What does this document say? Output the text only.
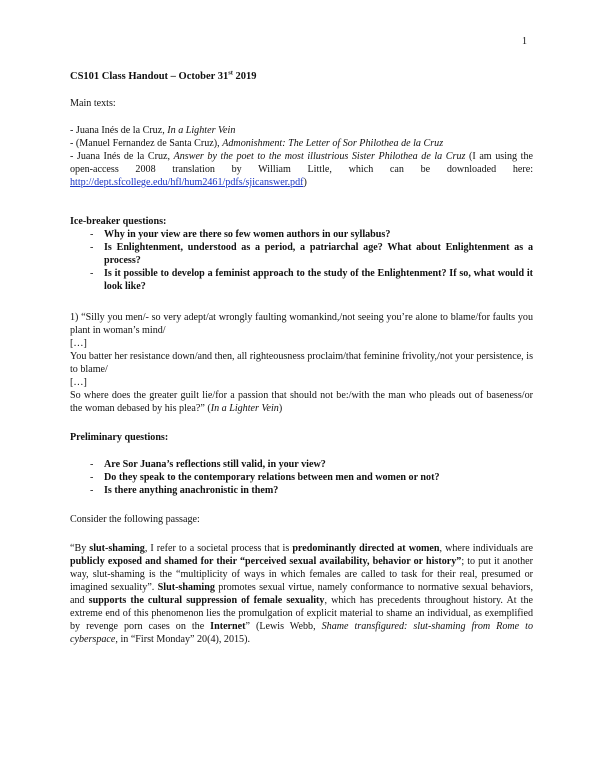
1

CS101 Class Handout – October 31st 2019

Main texts:

- Juana Inés de la Cruz, In a Lighter Vein

- (Manuel Fernandez de Santa Cruz), Admonishment: The Letter of Sor Philothea de la Cruz

- Juana Inés de la Cruz, Answer by the poet to the most illustrious Sister Philothea de la Cruz (I am using the open-access 2008 translation by William Little, which can be downloaded here: http://dept.sfcollege.edu/hfl/hum2461/pdfs/sjicanswer.pdf)

Ice-breaker questions:

- Why in your view are there so few women authors in our syllabus?
- Is Enlightenment, understood as a period, a patriarchal age? What about Enlightenment as a process?
- Is it possible to develop a feminist approach to the study of the Enlightenment? If so, what would it look like?

1) “Silly you men/- so very adept/at wrongly faulting womankind,/not seeing you’re alone to blame/for faults you plant in woman’s mind/

[…]

You batter her resistance down/and then, all righteousness proclaim/that feminine frivolity,/not your persistence, is to blame/

[…]

So where does the greater guilt lie/for a passion that should not be:/with the man who pleads out of baseness/or the woman debased by his plea?” (In a Lighter Vein)

Preliminary questions:

- Are Sor Juana’s reflections still valid, in your view?
- Do they speak to the contemporary relations between men and women or not?
- Is there anything anachronistic in them?

Consider the following passage:

“By slut-shaming, I refer to a societal process that is predominantly directed at women, where individuals are publicly exposed and shamed for their “perceived sexual availability, behavior or history”; to put it another way, slut-shaming is the “multiplicity of ways in which females are called to task for their real, presumed or imagined sexuality”. Slut-shaming promotes sexual virtue, namely conformance to normative sexual behaviors, and supports the cultural suppression of female sexuality, which has precedents throughout history. At the extreme end of this phenomenon lies the promulgation of explicit material to shame an individual, as exemplified by revenge porn cases on the Internet” (Lewis Webb, Shame transfigured: slut-shaming from Rome to cyberspace, in “First Monday” 20(4), 2015).
